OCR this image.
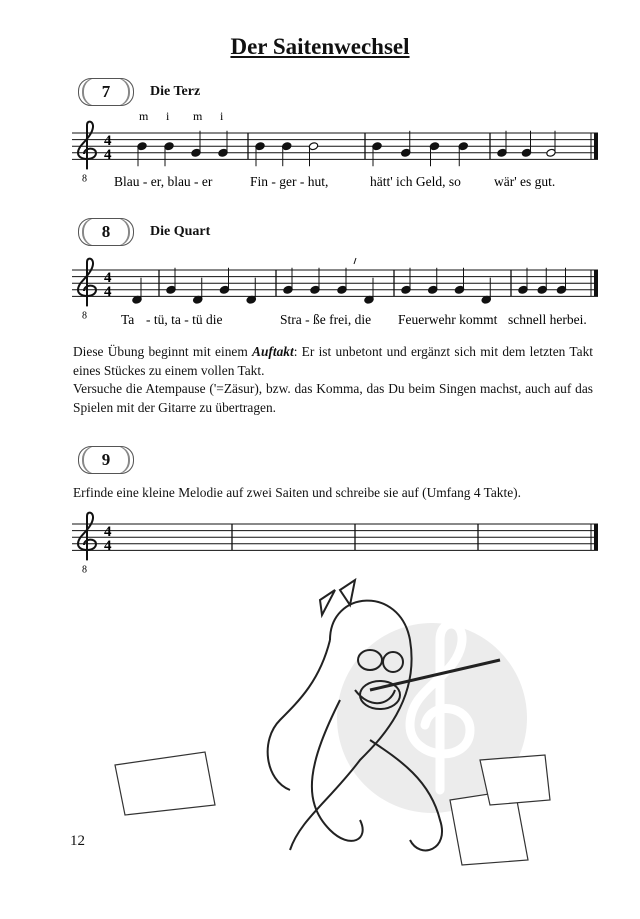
Der Saitenwechsel
7	Die Terz
8	Die Quart
Diese Übung beginnt mit einem Auftakt: Er ist unbetont und ergänzt sich mit dem letzten Takt eines Stückes zu einem vollen Takt.
Versuche die Atempause ('=Zäsur), bzw. das Komma, das Du beim Singen machst, auch auf das Spielen mit der Gitarre zu übertragen.
9
Erfinde eine kleine Melodie auf zwei Saiten und schreibe sie auf (Umfang 4 Takte).
8
4
4
m i m i
Blau - er, blau - er	Fin - ger - hut,	hätt' ich Geld, so wär' es gut.
8
4
4
Ta - tü, ta - tü die	Stra - ße frei, die Feuerwehr kommt schnell herbei.
8
4
4
12
